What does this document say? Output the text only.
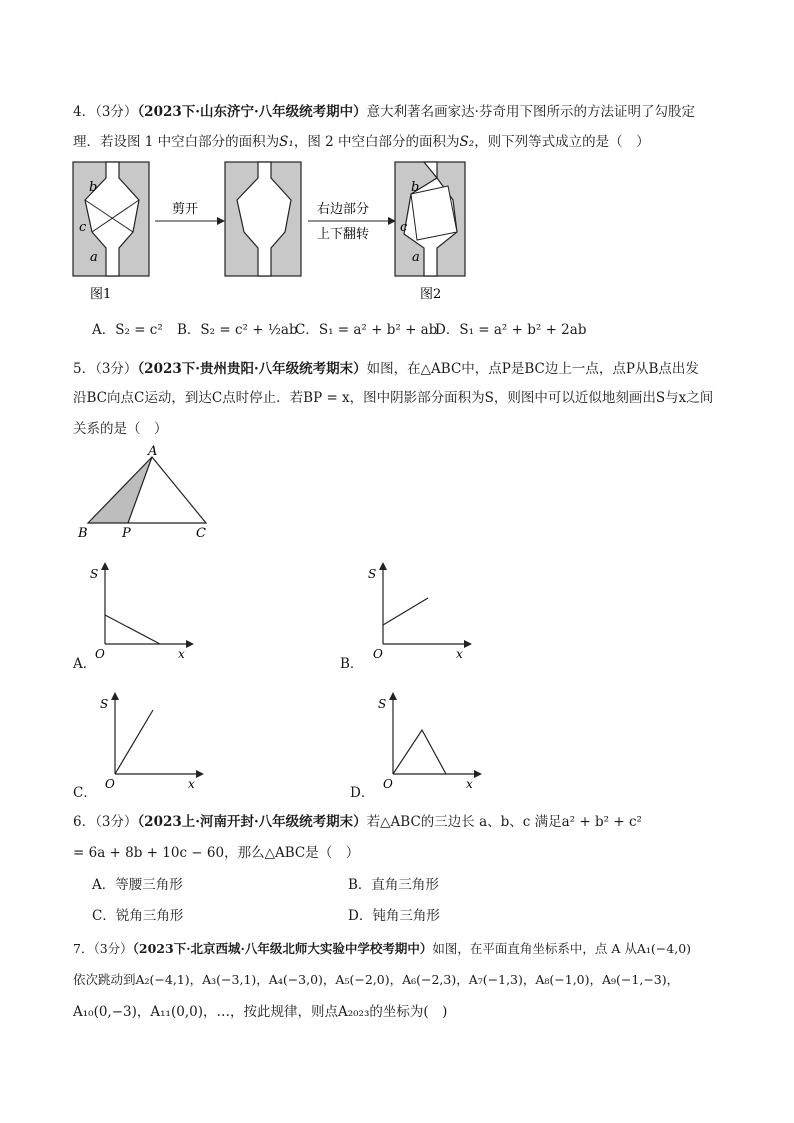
4．（3分）（2023下·山东济宁·八年级统考期中）意大利著名画家达·芬奇用下图所示的方法证明了勾股定
理．若设图 1 中空白部分的面积为S₁，图 2 中空白部分的面积为S₂，则下列等式成立的是（　）
b
c
a
图1
剪开	右边部分
上下翻转
b
c
a
图2
A．S₂ = c² B．S₂ = c² + ½ab
C．S₁ = a² + b² + ab
D．S₁ = a² + b² + 2ab
5．（3分）（2023下·贵州贵阳·八年级统考期末）如图，在△ABC中，点P是BC边上一点，点P从B点出发
沿BC向点C运动，到达C点时停止．若BP = x，图中阴影部分面积为S，则图中可以近似地刻画出S与x之间
关系的是（　）
A
B	P	C
S
O	x
A．
S
O	x
B．
S
O	x
C．
S
O	x
D．
6．（3分）（2023上·河南开封·八年级统考期末）若△ABC的三边长 a、b、c 满足a² + b² + c²
= 6a + 8b + 10c − 60，那么△ABC是（　）
A．等腰三角形	B．直角三角形
C．锐角三角形	D．钝角三角形
7．（3分）（2023下·北京西城·八年级北师大实验中学校考期中）如图，在平面直角坐标系中，点 A 从A₁(−4,0)
依次跳动到A₂(−4,1)，A₃(−3,1)，A₄(−3,0)，A₅(−2,0)，A₆(−2,3)，A₇(−1,3)，A₈(−1,0)，A₉(−1,−3)，
A₁₀(0,−3)，A₁₁(0,0)，…，按此规律，则点A₂₀₂₃的坐标为(　)
